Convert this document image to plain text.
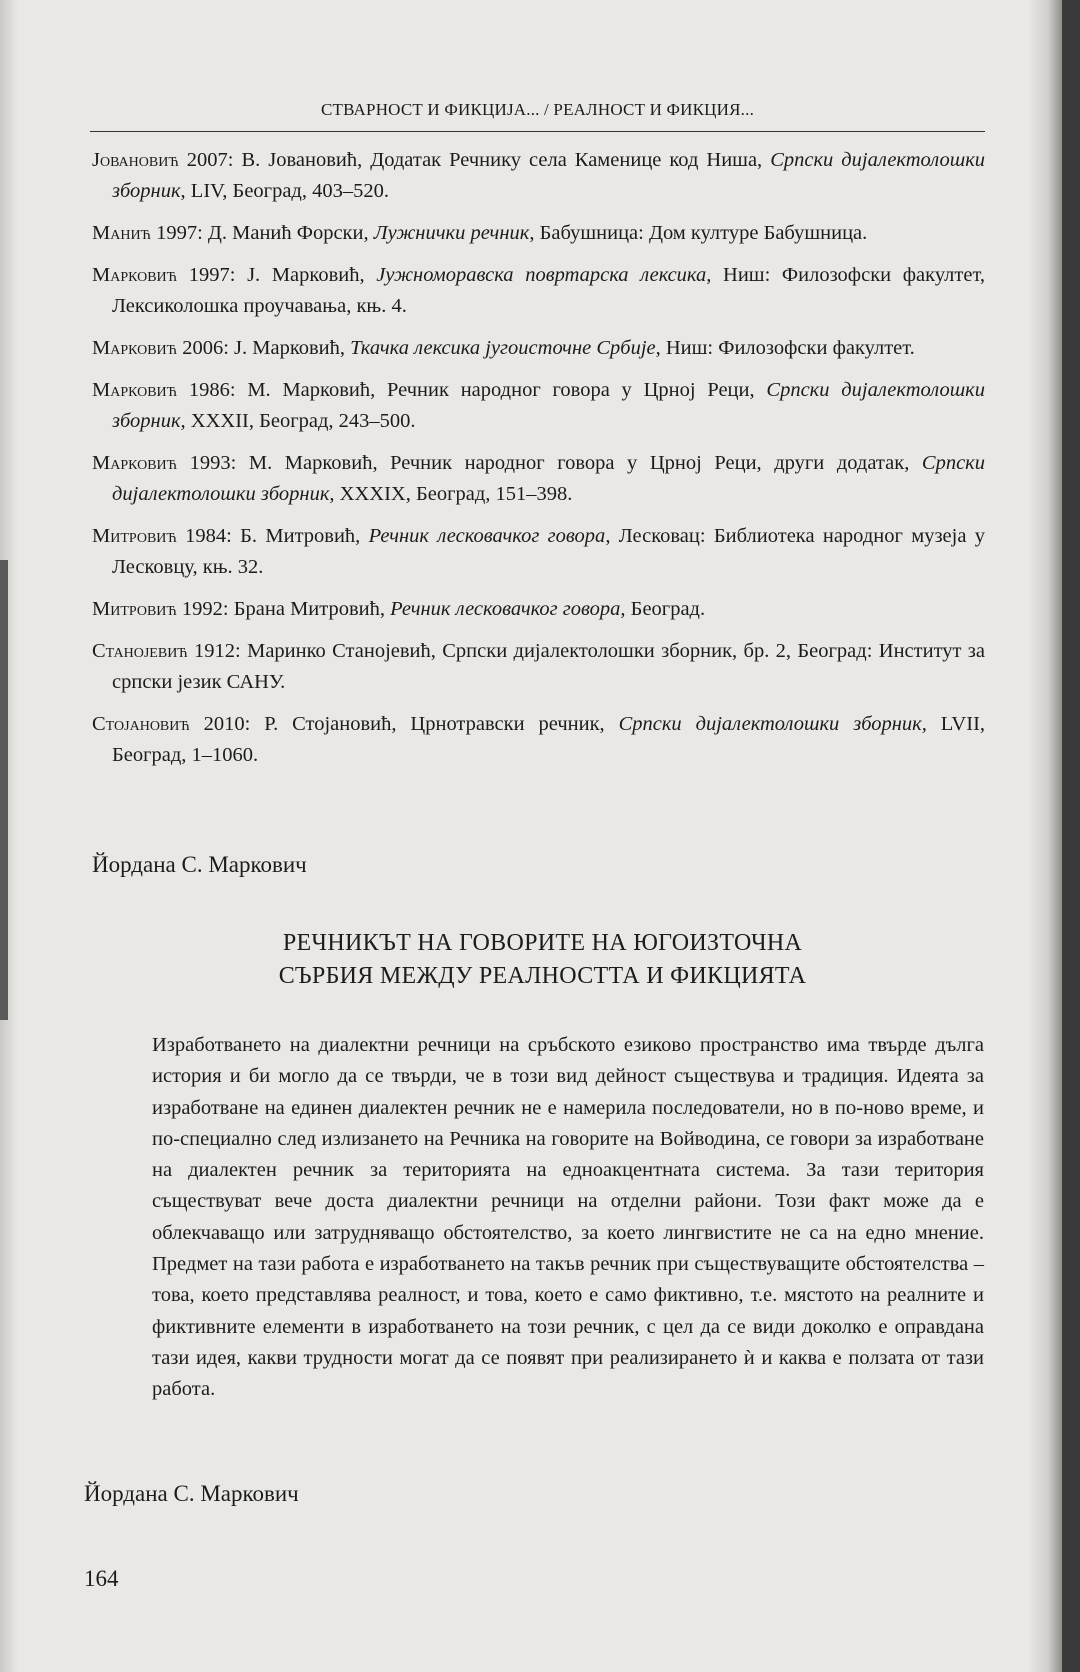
СТВАРНОСТ И ФИКЦИЈА... / РЕАЛНОСТ И ФИКЦИЯ...

Јовановић 2007: В. Јовановић, Додатак Речнику села Каменице код Ниша, Српски дијалектолошки зборник, LIV, Београд, 403–520.

Манић 1997: Д. Манић Форски, Лужнички речник, Бабушница: Дом културе Бабушница.

Марковић 1997: Ј. Марковић, Јужноморавска повртарска лексика, Ниш: Филозофски факултет, Лексиколошка проучавања, књ. 4.

Марковић 2006: Ј. Марковић, Ткачка лексика југоисточне Србије, Ниш: Филозофски факултет.

Марковић 1986: М. Марковић, Речник народног говора у Црној Реци, Српски дијалектолошки зборник, XXXII, Београд, 243–500.

Марковић 1993: М. Марковић, Речник народног говора у Црној Реци, други додатак, Српски дијалектолошки зборник, XXXIX, Београд, 151–398.

Митровић 1984: Б. Митровић, Речник лесковачког говора, Лесковац: Библиотека народног музеја у Лесковцу, књ. 32.

Митровић 1992: Брана Митровић, Речник лесковачког говора, Београд.

Станојевић 1912: Маринко Станојевић, Српски дијалектолошки зборник, бр. 2, Београд: Институт за српски језик САНУ.

Стојановић 2010: Р. Стојановић, Црнотравски речник, Српски дијалектолошки зборник, LVII, Београд, 1–1060.

Йордана С. Маркович
РЕЧНИКЪТ НА ГОВОРИТЕ НА ЮГОИЗТОЧНА
СЪРБИЯ МЕЖДУ РЕАЛНОСТТА И ФИКЦИЯТА
Изработването на диалектни речници на сръбското езиково пространство има твърде дълга история и би могло да се твърди, че в този вид дейност съществува и традиция. Идеята за изработване на единен диалектен речник не е намерила последователи, но в по-ново време, и по-специално след излизането на Речника на говорите на Войводина, се говори за изработване на диалектен речник за територията на едноакцентната система. За тази територия съществуват вече доста диалектни речници на отделни райони. Този факт може да е облекчаващо или затрудняващо обстоятелство, за което лингвистите не са на едно мнение. Предмет на тази работа е изработването на такъв речник при съществуващите обстоятелства – това, което представлява реалност, и това, което е само фиктивно, т.е. мястото на реалните и фиктивните елементи в изработването на този речник, с цел да се види доколко е оправдана тази идея, какви трудности могат да се появят при реализирането ѝ и каква е ползата от тази работа.
Йордана С. Маркович
164
